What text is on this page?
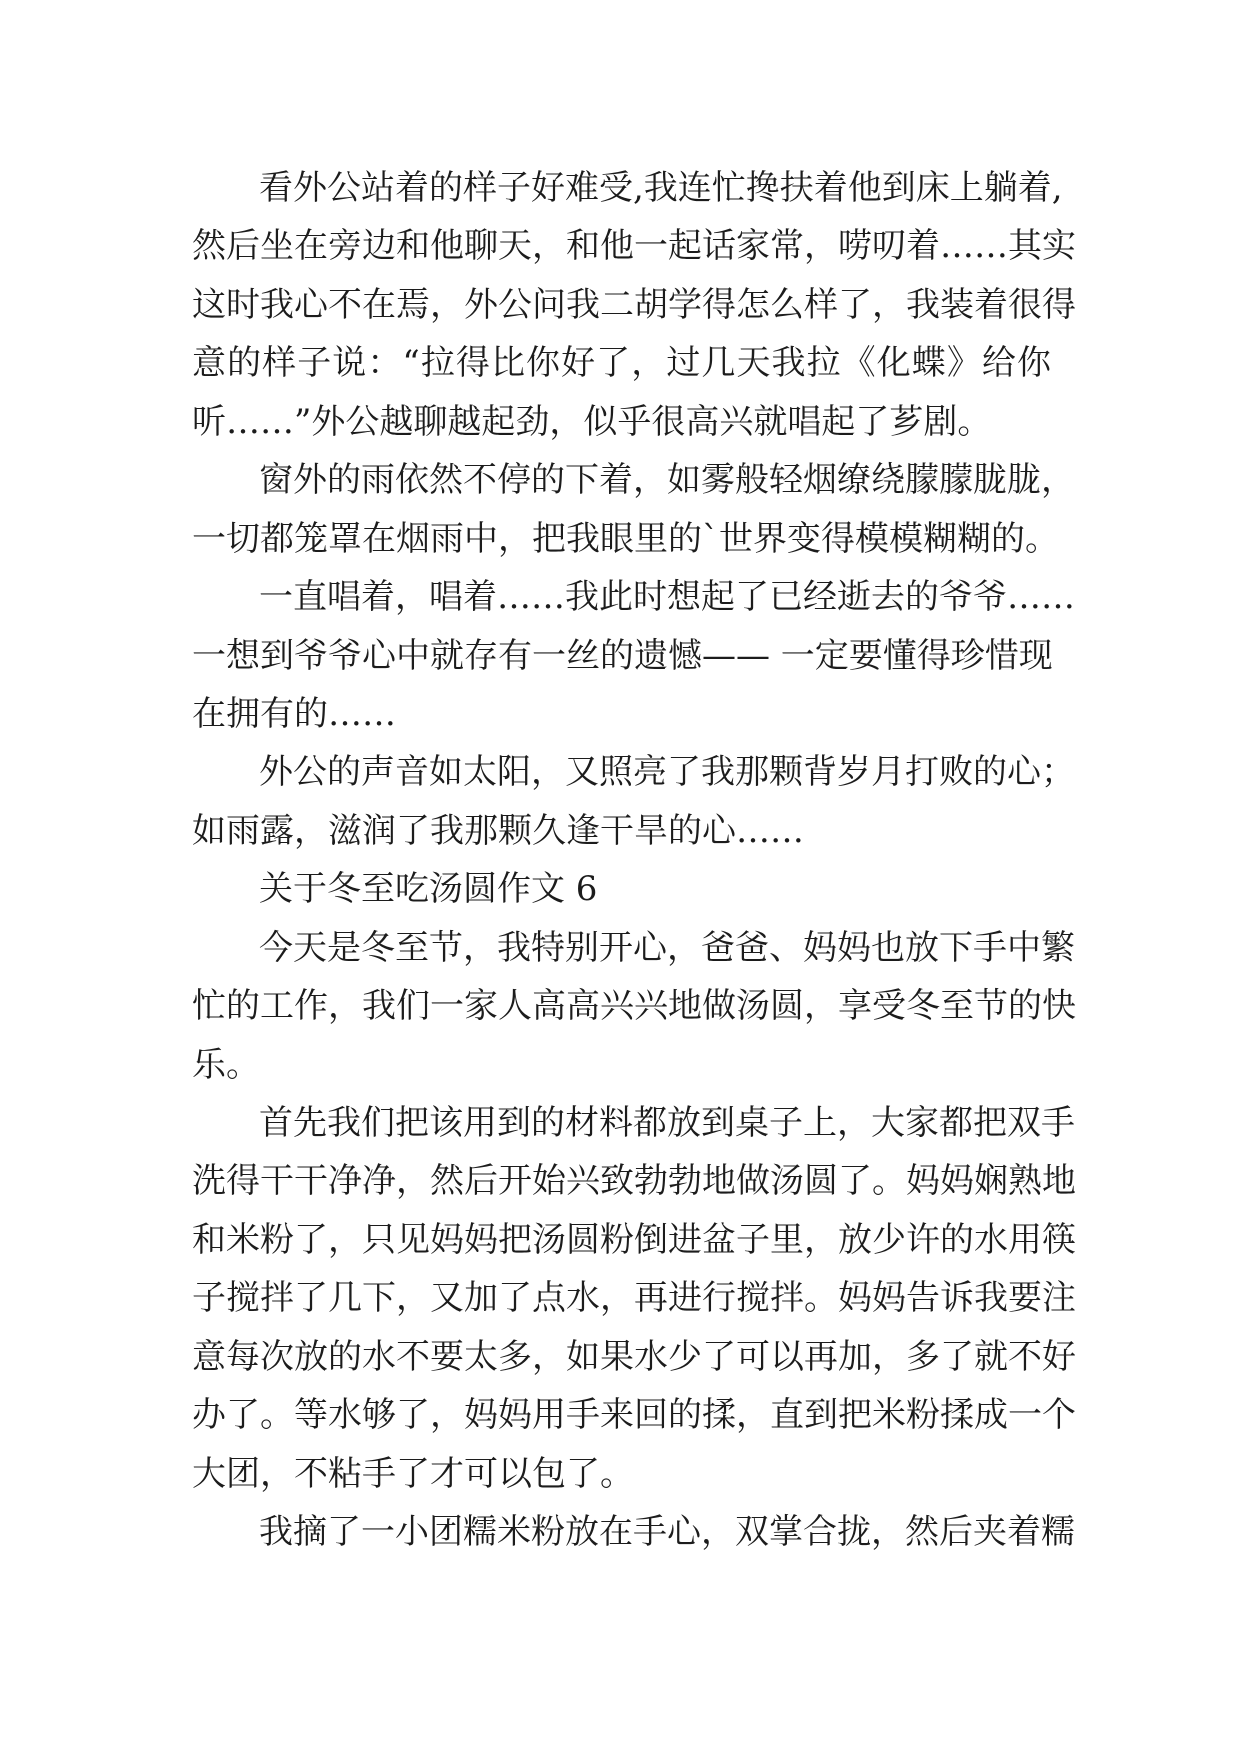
看外公站着的样子好难受,我连忙搀扶着他到床上躺着,
然后坐在旁边和他聊天，和他一起话家常，唠叨着……其实
这时我心不在焉，外公问我二胡学得怎么样了，我装着很得
意的样子说：“拉得比你好了，过几天我拉《化蝶》给你
听……”外公越聊越起劲，似乎很高兴就唱起了芗剧。
窗外的雨依然不停的下着，如雾般轻烟缭绕朦朦胧胧，
一切都笼罩在烟雨中，把我眼里的`世界变得模模糊糊的。
一直唱着，唱着……我此时想起了已经逝去的爷爷……
一想到爷爷心中就存有一丝的遗憾—— 一定要懂得珍惜现
在拥有的……
外公的声音如太阳，又照亮了我那颗背岁月打败的心；
如雨露，滋润了我那颗久逢干旱的心……
关于冬至吃汤圆作文 6
今天是冬至节，我特别开心，爸爸、妈妈也放下手中繁
忙的工作，我们一家人高高兴兴地做汤圆，享受冬至节的快
乐。
首先我们把该用到的材料都放到桌子上，大家都把双手
洗得干干净净，然后开始兴致勃勃地做汤圆了。妈妈娴熟地
和米粉了，只见妈妈把汤圆粉倒进盆子里，放少许的水用筷
子搅拌了几下，又加了点水，再进行搅拌。妈妈告诉我要注
意每次放的水不要太多，如果水少了可以再加，多了就不好
办了。等水够了，妈妈用手来回的揉，直到把米粉揉成一个
大团，不粘手了才可以包了。
我摘了一小团糯米粉放在手心，双掌合拢，然后夹着糯
